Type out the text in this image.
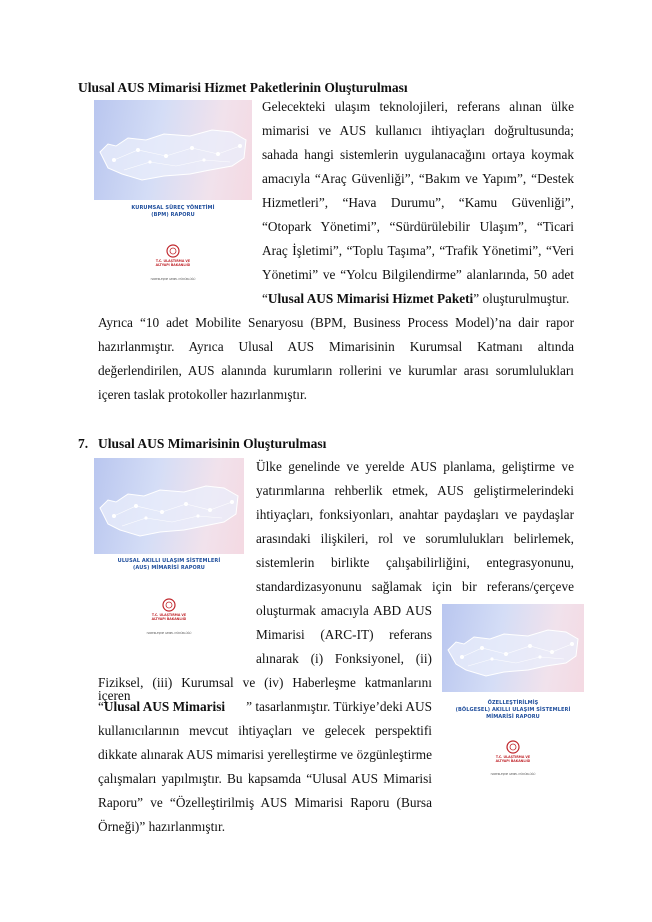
Ulusal AUS Mimarisi Hizmet Paketlerinin Oluşturulması
KURUMSAL SÜREÇ YÖNETİMİ
(BPM) RAPORU
T.C. ULAŞTIRMA VE
ALTYAPI BAKANLIĞI
HABERLEŞME GENEL MÜDÜRLÜĞÜ
Gelecekteki ulaşım teknolojileri, referans alınan ülke
mimarisi ve AUS kullanıcı ihtiyaçları doğrultusunda;
sahada hangi sistemlerin uygulanacağını ortaya koymak
amacıyla “Araç Güvenliği”, “Bakım ve Yapım”, “Destek
Hizmetleri”, “Hava Durumu”, “Kamu Güvenliği”,
“Otopark Yönetimi”, “Sürdürülebilir Ulaşım”, “Ticari
Araç İşletimi”, “Toplu Taşıma”, “Trafik Yönetimi”, “Veri
Yönetimi” ve “Yolcu Bilgilendirme” alanlarında, 50 adet
“Ulusal AUS Mimarisi Hizmet Paketi” oluşturulmuştur.
Ayrıca “10 adet Mobilite Senaryosu (BPM, Business Process Model)’na dair rapor
hazırlanmıştır. Ayrıca Ulusal AUS Mimarisinin Kurumsal Katmanı altında
değerlendirilen, AUS alanında kurumların rollerini ve kurumlar arası sorumlulukları
içeren taslak protokoller hazırlanmıştır.
7. Ulusal AUS Mimarisinin Oluşturulması
ULUSAL AKILLI ULAŞIM SİSTEMLERİ
(AUS) MİMARİSİ RAPORU
T.C. ULAŞTIRMA VE
ALTYAPI BAKANLIĞI
HABERLEŞME GENEL MÜDÜRLÜĞÜ
Ülke genelinde ve yerelde AUS planlama, geliştirme ve
yatırımlarına rehberlik etmek, AUS geliştirmelerindeki
ihtiyaçları, fonksiyonları, anahtar paydaşları ve paydaşlar
arasındaki ilişkileri, rol ve sorumlulukları belirlemek,
sistemlerin birlikte çalışabilirliğini, entegrasyonunu,
standardizasyonunu sağlamak için bir referans/çerçeve
oluşturmak amacıyla ABD AUS
Mimarisi (ARC-IT) referans
alınarak (i) Fonksiyonel, (ii)
Fiziksel, (iii) Kurumsal ve (iv) Haberleşme katmanlarını içeren
“Ulusal AUS Mimarisi ” tasarlanmıştır. Türkiye’deki AUS
kullanıcılarının mevcut ihtiyaçları ve gelecek perspektifi
dikkate alınarak AUS mimarisi yerelleştirme ve özgünleştirme
çalışmaları yapılmıştır. Bu kapsamda “Ulusal AUS Mimarisi
Raporu” ve “Özelleştirilmiş AUS Mimarisi Raporu (Bursa
Örneği)” hazırlanmıştır.
ÖZELLEŞTİRİLMİŞ
(BÖLGESEL) AKILLI ULAŞIM SİSTEMLERİ
MİMARİSİ RAPORU
T.C. ULAŞTIRMA VE
ALTYAPI BAKANLIĞI
HABERLEŞME GENEL MÜDÜRLÜĞÜ
